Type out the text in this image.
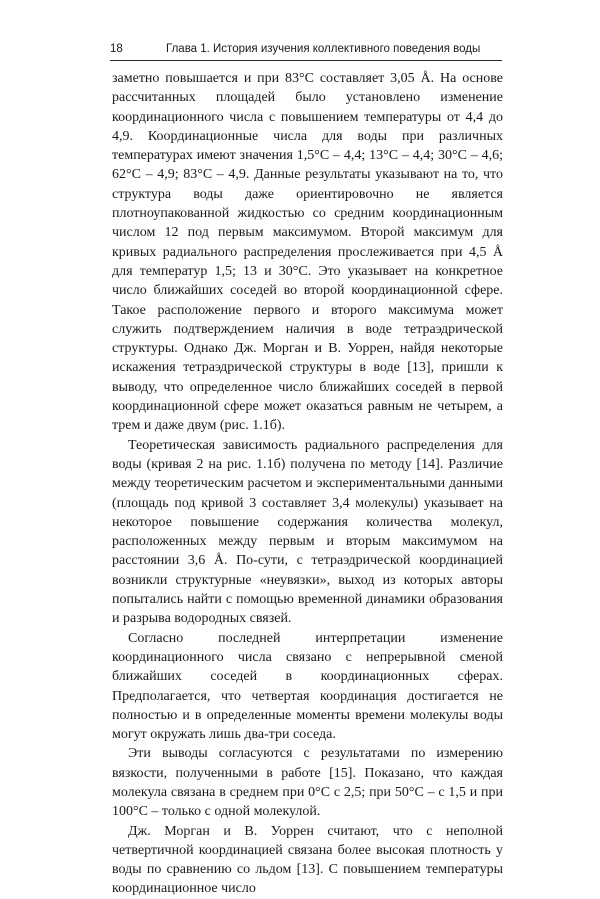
18	Глава 1. История изучения коллективного поведения воды

заметно повышается и при 83°С составляет 3,05 Å. На основе рассчитанных площадей было установлено изменение координационного числа с повышением температуры от 4,4 до 4,9. Координационные числа для воды при различных температурах имеют значения 1,5°С – 4,4; 13°С – 4,4; 30°С – 4,6; 62°С – 4,9; 83°С – 4,9. Данные результаты указывают на то, что структура воды даже ориентировочно не является плотноупакованной жидкостью со средним координационным числом 12 под первым максимумом. Второй максимум для кривых радиального распределения прослеживается при 4,5 Å для температур 1,5; 13 и 30°С. Это указывает на конкретное число ближайших соседей во второй координационной сфере. Такое расположение первого и второго максимума может служить подтверждением наличия в воде тетраэдрической структуры. Однако Дж. Морган и В. Уоррен, найдя некоторые искажения тетраэдрической структуры в воде [13], пришли к выводу, что определенное число ближайших соседей в первой координационной сфере может оказаться равным не четырем, а трем и даже двум (рис. 1.1б).

Теоретическая зависимость радиального распределения для воды (кривая 2 на рис. 1.1б) получена по методу [14]. Различие между теоретическим расчетом и экспериментальными данными (площадь под кривой 3 составляет 3,4 молекулы) указывает на некоторое повышение содержания количества молекул, расположенных между первым и вторым максимумом на расстоянии 3,6 Å. По-сути, с тетраэдрической координацией возникли структурные «неувязки», выход из которых авторы попытались найти с помощью временной динамики образования и разрыва водородных связей.

Согласно последней интерпретации изменение координационного числа связано с непрерывной сменой ближайших соседей в координационных сферах. Предполагается, что четвертая координация достигается не полностью и в определенные моменты времени молекулы воды могут окружать лишь два-три соседа.

Эти выводы согласуются с результатами по измерению вязкости, полученными в работе [15]. Показано, что каждая молекула связана в среднем при 0°С с 2,5; при 50°С – с 1,5 и при 100°С – только с одной молекулой.

Дж. Морган и В. Уоррен считают, что с неполной четвертичной координацией связана более высокая плотность у воды по сравнению со льдом [13]. С повышением температуры координационное число
